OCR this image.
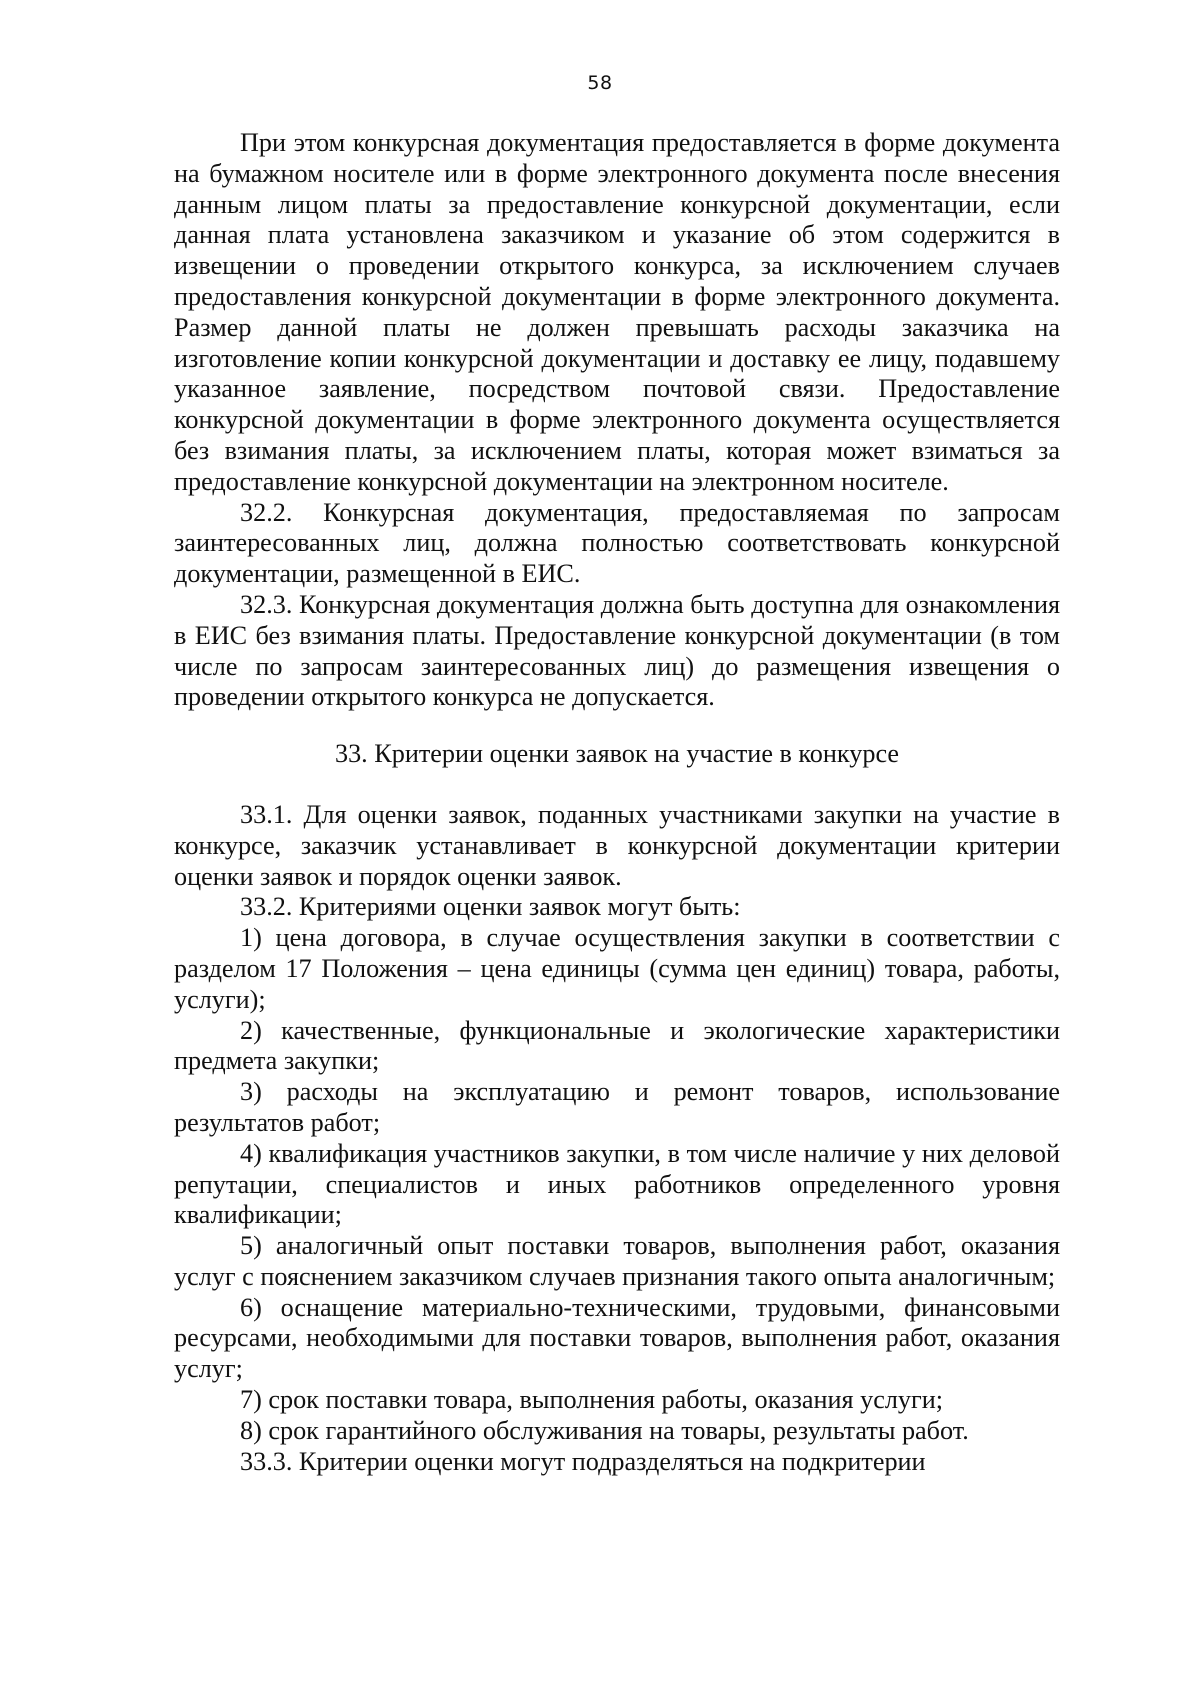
58

При этом конкурсная документация предоставляется в форме документа на бумажном носителе или в форме электронного документа после внесения данным лицом платы за предоставление конкурсной документации, если данная плата установлена заказчиком и указание об этом содержится в извещении о проведении открытого конкурса, за исключением случаев предоставления конкурсной документации в форме электронного документа. Размер данной платы не должен превышать расходы заказчика на изготовление копии конкурсной документации и доставку ее лицу, подавшему указанное заявление, посредством почтовой связи. Предоставление конкурсной документации в форме электронного документа осуществляется без взимания платы, за исключением платы, которая может взиматься за предоставление конкурсной документации на электронном носителе.

32.2. Конкурсная документация, предоставляемая по запросам заинтересованных лиц, должна полностью соответствовать конкурсной документации, размещенной в ЕИС.

32.3. Конкурсная документация должна быть доступна для ознакомления в ЕИС без взимания платы. Предоставление конкурсной документации (в том числе по запросам заинтересованных лиц) до размещения извещения о проведении открытого конкурса не допускается.

33. Критерии оценки заявок на участие в конкурсе

33.1. Для оценки заявок, поданных участниками закупки на участие в конкурсе, заказчик устанавливает в конкурсной документации критерии оценки заявок и порядок оценки заявок.

33.2. Критериями оценки заявок могут быть:

1) цена договора, в случае осуществления закупки в соответствии с разделом 17 Положения – цена единицы (сумма цен единиц) товара, работы, услуги);

2) качественные, функциональные и экологические характеристики предмета закупки;

3) расходы на эксплуатацию и ремонт товаров, использование результатов работ;

4) квалификация участников закупки, в том числе наличие у них деловой репутации, специалистов и иных работников определенного уровня квалификации;

5) аналогичный опыт поставки товаров, выполнения работ, оказания услуг с пояснением заказчиком случаев признания такого опыта аналогичным;

6) оснащение материально-техническими, трудовыми, финансовыми ресурсами, необходимыми для поставки товаров, выполнения работ, оказания услуг;

7) срок поставки товара, выполнения работы, оказания услуги;

8) срок гарантийного обслуживания на товары, результаты работ.

33.3. Критерии оценки могут подразделяться на подкритерии
